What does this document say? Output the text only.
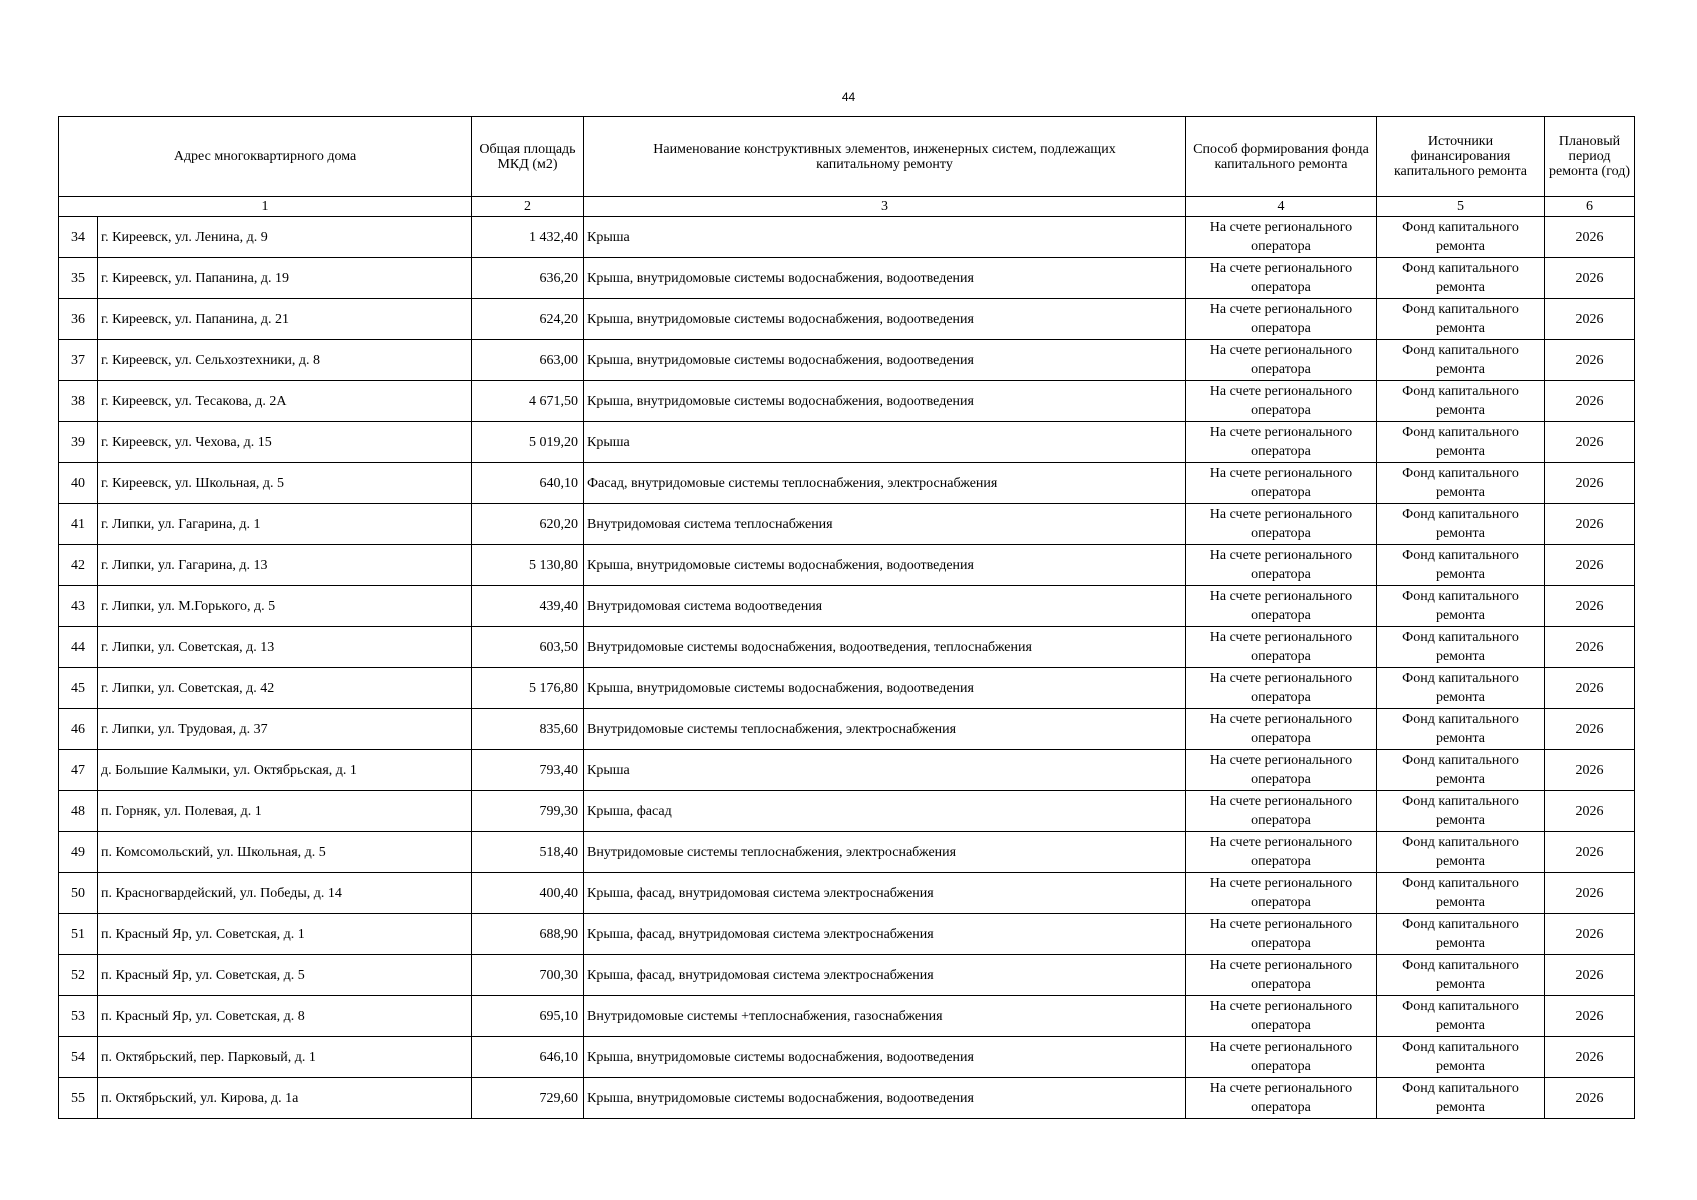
44
Адрес многоквартирного дома		Общая площадь МКД (м2)	Наименование конструктивных элементов, инженерных систем, подлежащих капитальному ремонту	Способ формирования фонда капитального ремонта	Источники финансирования капитального ремонта	Плановый период ремонта (год)
1		2	3	4	5	6
34	г. Киреевск, ул. Ленина, д. 9	1 432,40	Крыша	На счете регионального оператора	Фонд капитального ремонта	2026
35	г. Киреевск, ул. Папанина, д. 19	636,20	Крыша, внутридомовые системы водоснабжения, водоотведения	На счете регионального оператора	Фонд капитального ремонта	2026
36	г. Киреевск, ул. Папанина, д. 21	624,20	Крыша, внутридомовые системы водоснабжения, водоотведения	На счете регионального оператора	Фонд капитального ремонта	2026
37	г. Киреевск, ул. Сельхозтехники, д. 8	663,00	Крыша, внутридомовые системы водоснабжения, водоотведения	На счете регионального оператора	Фонд капитального ремонта	2026
38	г. Киреевск, ул. Тесакова, д. 2А	4 671,50	Крыша, внутридомовые системы водоснабжения, водоотведения	На счете регионального оператора	Фонд капитального ремонта	2026
39	г. Киреевск, ул. Чехова, д. 15	5 019,20	Крыша	На счете регионального оператора	Фонд капитального ремонта	2026
40	г. Киреевск, ул. Школьная, д. 5	640,10	Фасад, внутридомовые системы теплоснабжения, электроснабжения	На счете регионального оператора	Фонд капитального ремонта	2026
41	г. Липки, ул. Гагарина, д. 1	620,20	Внутридомовая система теплоснабжения	На счете регионального оператора	Фонд капитального ремонта	2026
42	г. Липки, ул. Гагарина, д. 13	5 130,80	Крыша, внутридомовые системы водоснабжения, водоотведения	На счете регионального оператора	Фонд капитального ремонта	2026
43	г. Липки, ул. М.Горького, д. 5	439,40	Внутридомовая система водоотведения	На счете регионального оператора	Фонд капитального ремонта	2026
44	г. Липки, ул. Советская, д. 13	603,50	Внутридомовые системы водоснабжения, водоотведения, теплоснабжения	На счете регионального оператора	Фонд капитального ремонта	2026
45	г. Липки, ул. Советская, д. 42	5 176,80	Крыша, внутридомовые системы водоснабжения, водоотведения	На счете регионального оператора	Фонд капитального ремонта	2026
46	г. Липки, ул. Трудовая, д. 37	835,60	Внутридомовые системы теплоснабжения, электроснабжения	На счете регионального оператора	Фонд капитального ремонта	2026
47	д. Большие Калмыки, ул. Октябрьская, д. 1	793,40	Крыша	На счете регионального оператора	Фонд капитального ремонта	2026
48	п. Горняк, ул. Полевая, д. 1	799,30	Крыша, фасад	На счете регионального оператора	Фонд капитального ремонта	2026
49	п. Комсомольский, ул. Школьная, д. 5	518,40	Внутридомовые системы теплоснабжения, электроснабжения	На счете регионального оператора	Фонд капитального ремонта	2026
50	п. Красногвардейский, ул. Победы, д. 14	400,40	Крыша, фасад, внутридомовая система электроснабжения	На счете регионального оператора	Фонд капитального ремонта	2026
51	п. Красный Яр, ул. Советская, д. 1	688,90	Крыша, фасад, внутридомовая система электроснабжения	На счете регионального оператора	Фонд капитального ремонта	2026
52	п. Красный Яр, ул. Советская, д. 5	700,30	Крыша, фасад, внутридомовая система электроснабжения	На счете регионального оператора	Фонд капитального ремонта	2026
53	п. Красный Яр, ул. Советская, д. 8	695,10	Внутридомовые системы +теплоснабжения, газоснабжения	На счете регионального оператора	Фонд капитального ремонта	2026
54	п. Октябрьский, пер. Парковый, д. 1	646,10	Крыша, внутридомовые системы водоснабжения, водоотведения	На счете регионального оператора	Фонд капитального ремонта	2026
55	п. Октябрьский, ул. Кирова, д. 1а	729,60	Крыша, внутридомовые системы водоснабжения, водоотведения	На счете регионального оператора	Фонд капитального ремонта	2026
